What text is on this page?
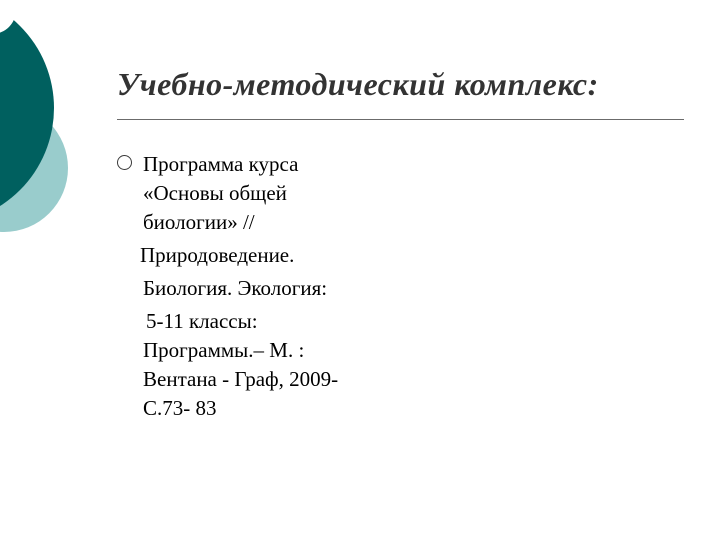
Учебно-методический комплекс:

Программа курса

«Основы общей

биологии» //

Природоведение.

Биология. Экология:

5-11 классы:

Программы.– М. :

Вентана - Граф, 2009-

С.73- 83
